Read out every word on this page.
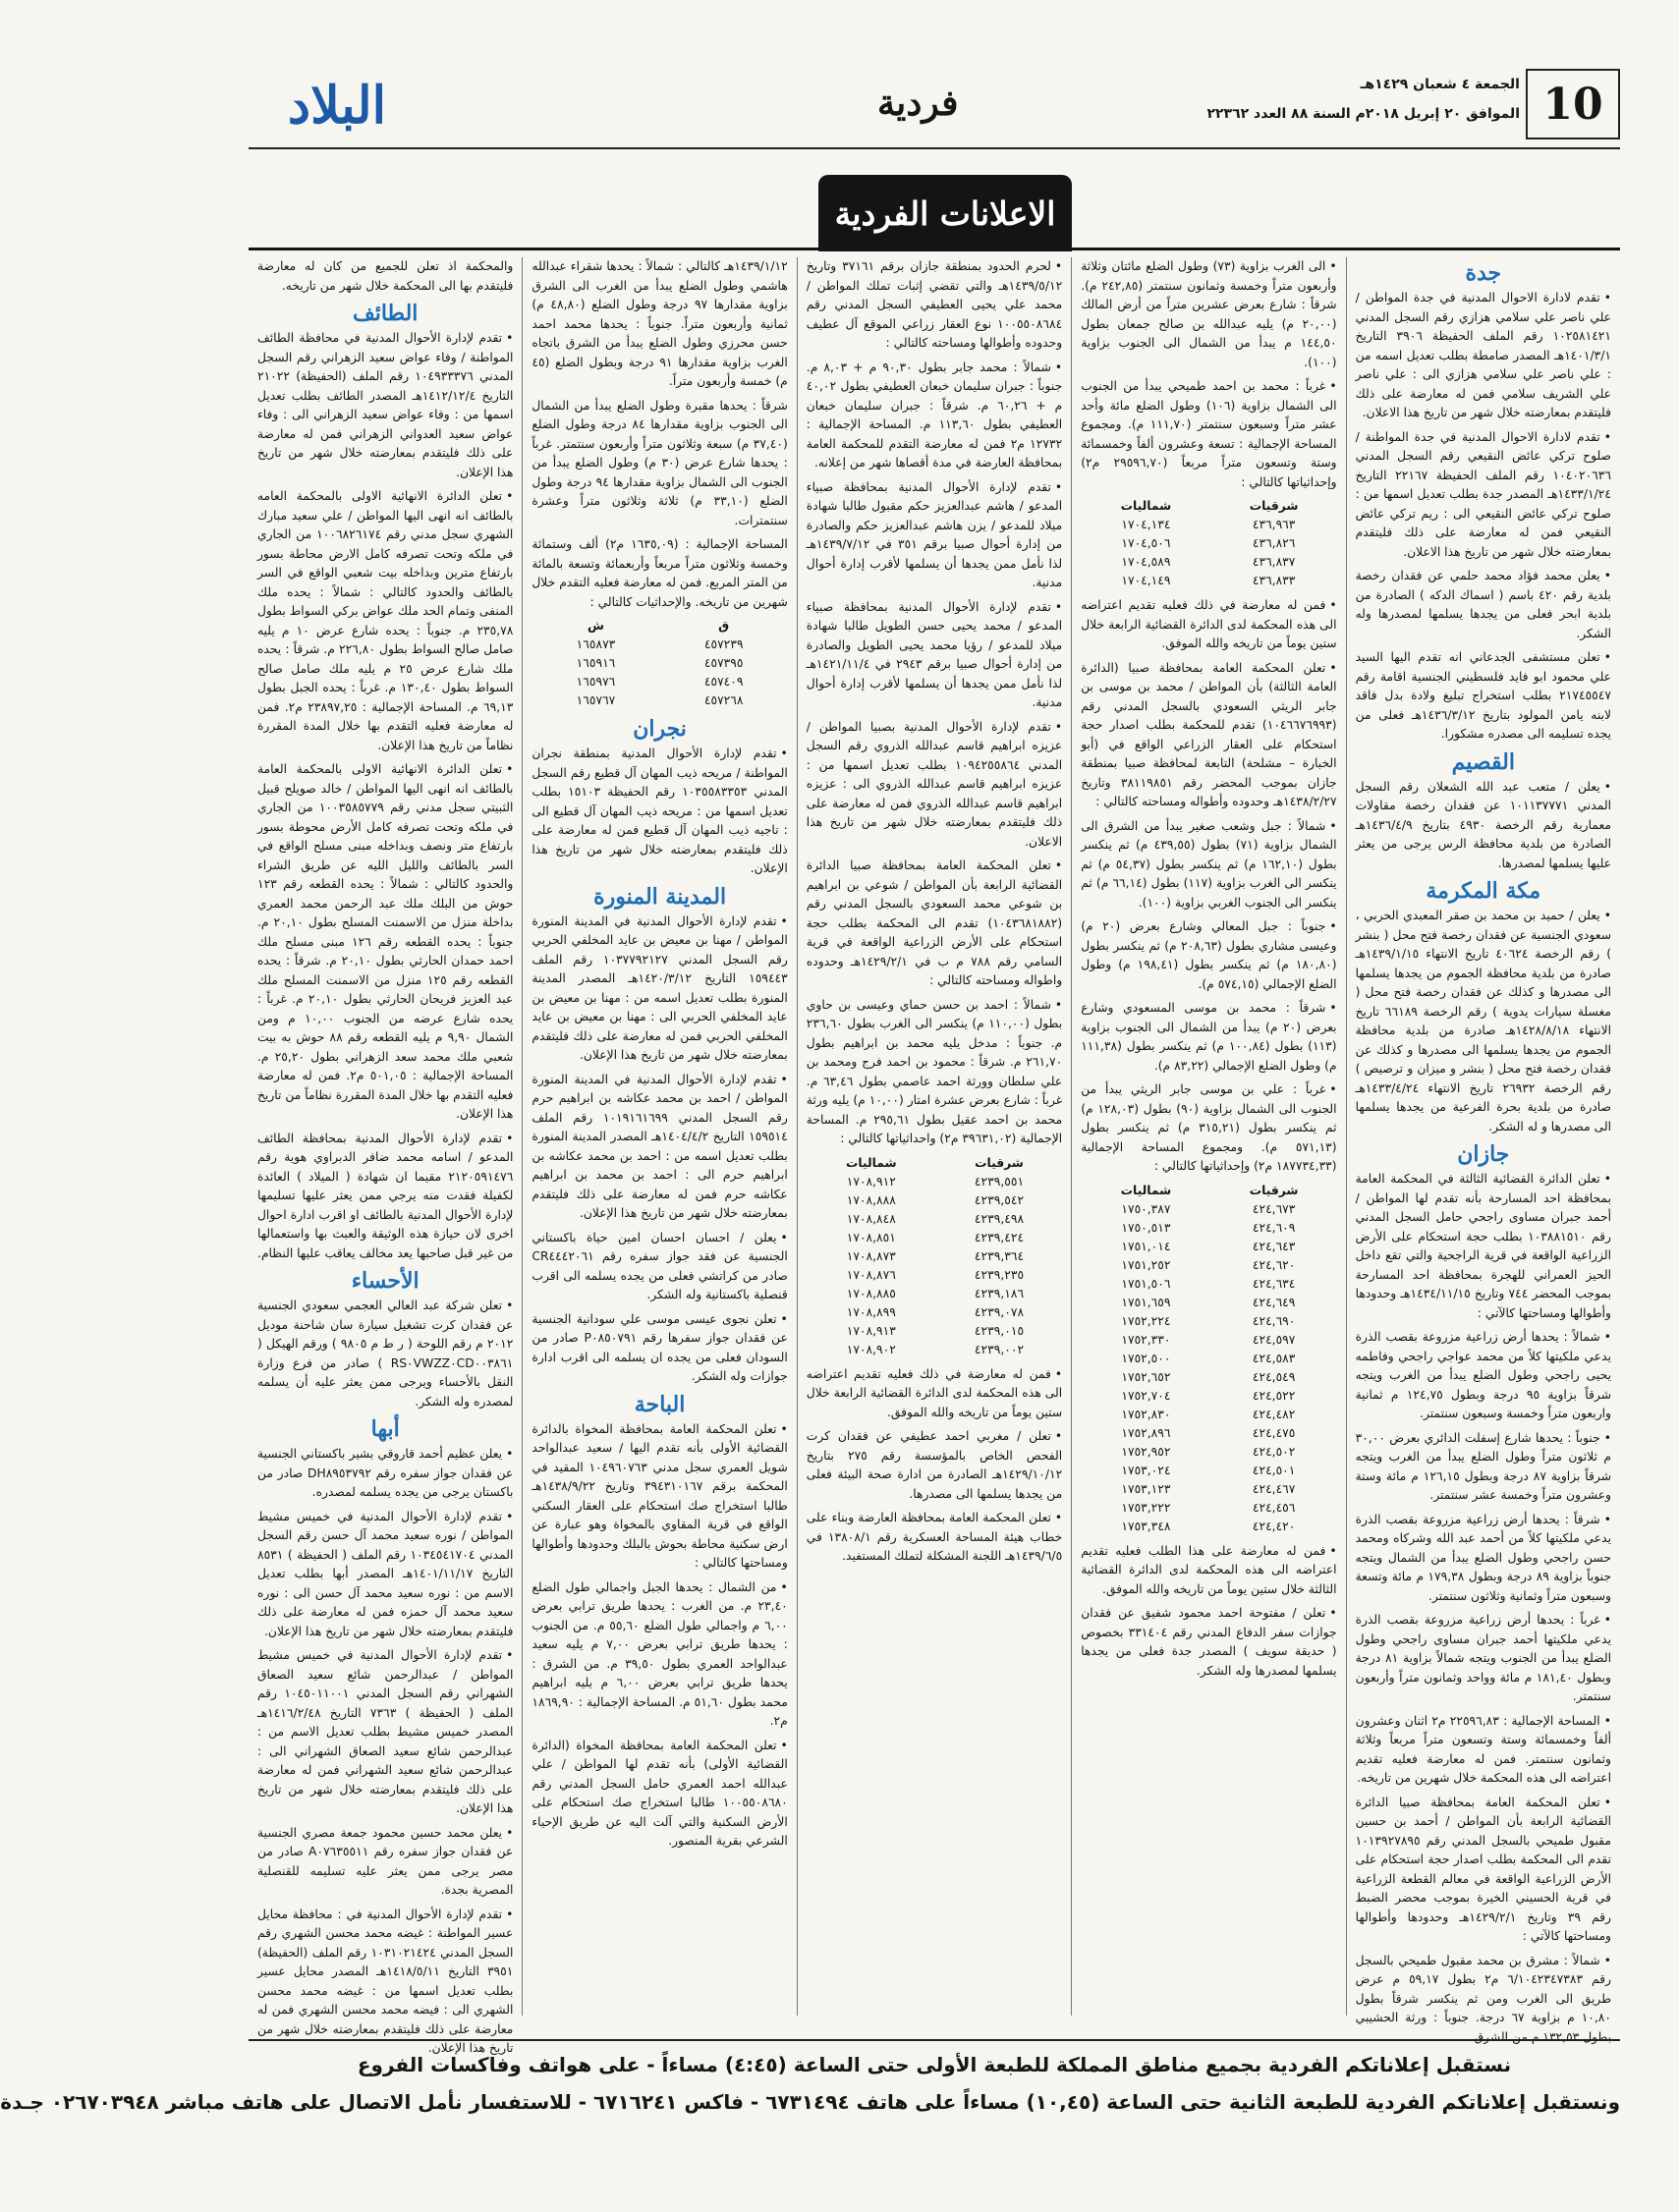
10
الجمعة ٤ شعبان ١٤٢٩هـ
الموافق ٢٠ إبريل ٢٠١٨م السنة ٨٨ العدد ٢٢٣٦٢
فردية
البلاد
الاعلانات الفردية
جدة

• تقدم لادارة الاحوال المدنية في جدة المواطن / علي ناصر علي سلامي هزازي رقم السجل المدني ١٠٢٥٨١٤٢١ رقم الملف الحفيظة ٣٩٠٦ التاريخ ١٤٠١/٣/١هـ المصدر صامطة بطلب تعديل اسمه من : علي ناصر علي سلامي هزازي الى : علي ناصر علي الشريف سلامي فمن له معارضة على ذلك فليتقدم بمعارضته خلال شهر من تاريخ هذا الاعلان.

• تقدم لادارة الاحوال المدنية في جدة المواطنة / صلوح تركي عائض النقيعي رقم السجل المدني ١٠٤٠٢٠٦٣٦ رقم الملف الحفيظة ٢٢١٦٧ التاريخ ١٤٣٣/١/٢٤هـ المصدر جدة بطلب تعديل اسمها من : صلوح تركي عائض النقيعي الى : ريم تركي عائض النقيعي فمن له معارضة على ذلك فليتقدم بمعارضته خلال شهر من تاريخ هذا الاعلان.

• يعلن محمد فؤاد محمد حلمي عن فقدان رخصة بلدية رقم ٤٢٠ باسم ( اسماك الدكه ) الصادرة من بلدية ابحر فعلى من يجدها يسلمها لمصدرها وله الشكر.

• تعلن مستشفى الجدعاني انه تقدم اليها السيد علي محمود ابو فايد فلسطيني الجنسية اقامة رقم ٢١٧٤٥٥٤٧ بطلب استخراج تبليغ ولادة بدل فاقد لابنه يامن المولود بتاريخ ١٤٣٦/٣/١٢هـ فعلى من يجده تسليمه الى مصدره مشكورا.

القصيم

• يعلن / متعب عبد الله الشعلان رقم السجل المدني ١٠١١٣٧٧٧١ عن فقدان رخصة مقاولات معمارية رقم الرخصة ٤٩٣٠ بتاريخ ١٤٣٦/٤/٩هـ الصادرة من بلدية محافظة الرس يرجى من يعثر عليها يسلمها لمصدرها.

مكة المكرمة

• يعلن / حميد بن محمد بن صقر المعبدي الحربي ، سعودي الجنسية عن فقدان رخصة فتح محل ( بنشر ) رقم الرخصة ٤٠٦٢٤ تاريخ الانتهاء ١٤٣٩/١/١٥هـ صادرة من بلدية محافظة الجموم من يجدها يسلمها الى مصدرها و كذلك عن فقدان رخصة فتح محل ( مغسلة سيارات يدوية ) رقم الرخصة ٦٦١٨٩ تاريخ الانتهاء ١٤٢٨/٨/١٨هـ صادرة من بلدية محافظة الجموم من يجدها يسلمها الى مصدرها و كذلك عن فقدان رخصة فتح محل ( بنشر و ميزان و ترصيص ) رقم الرخصة ٢٦٩٣٢ تاريخ الانتهاء ١٤٣٣/٤/٢٤هـ صادرة من بلدية بحرة الفرعية من يجدها يسلمها الى مصدرها و له الشكر.

جازان

• تعلن الدائرة القضائية الثالثة في المحكمة العامة بمحافظة احد المسارحة بأنه تقدم لها المواطن / أحمد جبران مساوى راجحي حامل السجل المدني رقم ١٠٣٨٨١٥١٠ بطلب حجة استحكام على الأرض الزراعية الواقعة في قرية الراجحية والتي تقع داخل الحيز العمراني للهجرة بمحافظة احد المسارحة بموجب المحضر ٧٤٤ وتاريخ ١٤٣٤/١١/١٥هـ وحدودها وأطوالها ومساحتها كالآتي :

• شمالاً : يحدها أرض زراعية مزروعة بقصب الذرة يدعي ملكيتها كلاً من محمد عواجي راجحي وفاطمه يحيى راجحي وطول الضلع يبدأ من الغرب ويتجه شرقاً بزاوية ٩٥ درجة وبطول ١٢٤,٧٥ م ثمانية واربعون متراً وخمسة وسبعون سنتمتر.

• جنوباً : يحدها شارع إسفلت الدائري بعرض ٣٠,٠٠ م ثلاثون متراً وطول الضلع يبدأ من الغرب ويتجه شرقاً بزاوية ٨٧ درجة وبطول ١٢٦,١٥ م مائة وستة وعشرون متراً وخمسة عشر سنتمتر.

• شرقاً : يحدها أرض زراعية مزروعة بقصب الذرة يدعي ملكيتها كلاً من أحمد عبد الله وشركاه ومحمد حسن راجحي وطول الضلع يبدأ من الشمال ويتجه جنوباً بزاوية ٨٩ درجة وبطول ١٧٩,٣٨ م مائة وتسعة وسبعون متراً وثمانية وثلاثون سنتمتر.

• غرباً : يحدها أرض زراعية مزروعة بقصب الذرة يدعي ملكيتها أحمد جبران مساوى راجحي وطول الضلع يبدأ من الجنوب ويتجه شمالاً بزاوية ٨١ درجة وبطول ١٨١,٤٠ م مائة وواحد وثمانون متراً وأربعون سنتمتر.

• المساحة الإجمالية : ٢٢٥٩٦,٨٣ م٢ اثنان وعشرون ألفاً وخمسمائة وستة وتسعون متراً مربعاً وثلاثة وثمانون سنتمتر. فمن له معارضة فعليه تقديم اعتراضه الى هذه المحكمة خلال شهرين من تاريخه.

• تعلن المحكمة العامة بمحافظة صبيا الدائرة القضائية الرابعة بأن المواطن / أحمد بن حسين مقبول طميحي بالسجل المدني رقم ١٠١٣٩٢٧٨٩٥ تقدم الى المحكمة بطلب اصدار حجة استحكام على الأرض الزراعية الواقعة في معالم القطعة الزراعية في قرية الحسيني الخيرة بموجب محضر الضبط رقم ٣٩ وتاريخ ١٤٢٩/٢/١هـ وحدودها وأطوالها ومساحتها كالآتي :

• شمالاً : مشرق بن محمد مقبول طميحي بالسجل رقم ٦/١٠٤٢٣٤٧٣٨٣ م٢ بطول ٥٩,١٧ م عرض طريق الى الغرب ومن ثم ينكسر شرقاً بطول ١٠,٨٠ م بزاوية ٦٧ درجة. جنوباً : ورثة الحشيبي بطول ١٣٢,٥٣ م من الشرق.

• الى الغرب بزاوية (٧٣) وطول الضلع مائتان وثلاثة وأربعون متراً وخمسة وثمانون سنتمتر (٢٤٢,٨٥ م). شرقاً : شارع بعرض عشرين متراً من أرض المالك (٢٠,٠٠ م) يليه عبدالله بن صالح جمعان بطول ١٤٤,٥٠ م يبدأ من الشمال الى الجنوب بزاوية (١٠٠).

• غرباً : محمد بن احمد طميحي يبدأ من الجنوب الى الشمال بزاوية (١٠٦) وطول الضلع مائة وأحد عشر متراً وسبعون سنتمتر (١١١,٧٠ م). ومجموع المساحة الإجمالية : تسعة وعشرون ألفاً وخمسمائة وستة وتسعون متراً مربعاً (٢٩٥٩٦,٧٠ م٢) وإحداثياتها كالتالي :

شرقيات	شماليات
٤٣٦,٩٦٣	١٧٠٤,١٣٤
٤٣٦,٨٢٦	١٧٠٤,٥٠٦
٤٣٦,٨٣٧	١٧٠٤,٥٨٩
٤٣٦,٨٣٣	١٧٠٤,١٤٩

• فمن له معارضة في ذلك فعليه تقديم اعتراضه الى هذه المحكمة لدى الدائرة القضائية الرابعة خلال ستين يوماً من تاريخه والله الموفق.

• تعلن المحكمة العامة بمحافظة صبيا (الدائرة العامة الثالثة) بأن المواطن / محمد بن موسى بن جابر الريثي السعودي بالسجل المدني رقم (١٠٤٦٦٧٦٩٩٣) تقدم للمحكمة بطلب اصدار حجة استحكام على العقار الزراعي الواقع في (أبو الخبارة – مشلحة) التابعة لمحافظة صبيا بمنطقة جازان بموجب المحضر رقم ٣٨١١٩٨٥١ وتاريخ ١٤٣٨/٢/٢٧هـ وحدوده وأطواله ومساحته كالتالي :

• شمالاً : جبل وشعب صغير يبدأ من الشرق الى الشمال بزاوية (٧١) بطول (٤٣٩,٥٥ م) ثم ينكسر بطول (١٦٢,١٠ م) ثم ينكسر بطول (٥٤,٣٧ م) ثم ينكسر الى الغرب بزاوية (١١٧) بطول (٦٦,١٤ م) ثم ينكسر الى الجنوب الغربي بزاوية (١٠٠).

• جنوباً : جبل المعالي وشارع بعرض (٢٠ م) وعيسى مشاري بطول (٢٠٨,٦٣ م) ثم ينكسر بطول (١٨٠,٨٠ م) ثم ينكسر بطول (١٩٨,٤١ م) وطول الضلع الإجمالي (٥٧٤,١٥ م).

• شرقاً : محمد بن موسى المسعودي وشارع بعرض (٢٠ م) يبدأ من الشمال الى الجنوب بزاوية (١١٣) بطول (١٠٠,٨٤ م) ثم ينكسر بطول (١١١,٣٨ م) وطول الضلع الإجمالي (٨٣,٢٢ م).

• غرباً : علي بن موسى جابر الريثي يبدأ من الجنوب الى الشمال بزاوية (٩٠) بطول (١٢٨,٠٣ م) ثم ينكسر بطول (٣١٥,٢١ م) ثم ينكسر بطول (٥٧١,١٣ م). ومجموع المساحة الإجمالية (١٨٧٧٣٤,٣٣ م٢) وإحداثياتها كالتالي :

شرقيات	شماليات
٤٢٤,٦٧٣	١٧٥٠,٣٨٧
٤٢٤,٦٠٩	١٧٥٠,٥١٣
٤٢٤,٦٤٣	١٧٥١,٠١٤
٤٢٤,٦٢٠	١٧٥١,٢٥٢
٤٢٤,٦٣٤	١٧٥١,٥٠٦
٤٢٤,٦٤٩	١٧٥١,٦٥٩
٤٢٤,٦٩٠	١٧٥٢,٢٢٤
٤٢٤,٥٩٧	١٧٥٢,٣٣٠
٤٢٤,٥٨٣	١٧٥٢,٥٠٠
٤٢٤,٥٤٩	١٧٥٢,٦٥٢
٤٢٤,٥٢٢	١٧٥٢,٧٠٤
٤٢٤,٤٨٢	١٧٥٢,٨٣٠
٤٢٤,٤٧٥	١٧٥٢,٨٩٦
٤٢٤,٥٠٢	١٧٥٢,٩٥٢
٤٢٤,٥٠١	١٧٥٣,٠٢٤
٤٢٤,٤٦٧	١٧٥٣,١٢٣
٤٢٤,٤٥٦	١٧٥٣,٢٢٢
٤٢٤,٤٢٠	١٧٥٣,٣٤٨

• فمن له معارضة على هذا الطلب فعليه تقديم اعتراضه الى هذه المحكمة لدى الدائرة القضائية الثالثة خلال ستين يوماً من تاريخه والله الموفق.

• تعلن / مفتوحة احمد محمود شفيق عن فقدان جوازات سفر الدفاع المدني رقم ٣٣١٤٠٤ بخصوص ( حديقة سويف ) المصدر جدة فعلى من يجدها يسلمها لمصدرها وله الشكر.

• لحرم الحدود بمنطقة جازان برقم ٣٧١٦١ وتاريخ ١٤٣٩/٥/١٢هـ والتي تقضي إثبات تملك المواطن / محمد علي يحيى العطيفي السجل المدني رقم ١٠٠٥٥٠٨٦٨٤ نوع العقار زراعي الموقع آل عطيف وحدوده وأطوالها ومساحته كالتالي :

• شمالاً : محمد جابر بطول ٩٠,٣٠ م + ٨,٠٣ م. جنوباً : جبران سليمان خبعان العطيفي بطول ٤٠,٠٢ م + ٦٠,٢٦ م. شرقاً : جبران سليمان خبعان العطيفي بطول ١١٣,٦٠ م. المساحة الإجمالية : ١٢٧٣٢ م٢ فمن له معارضة التقدم للمحكمة العامة بمحافظة العارضة في مدة أقصاها شهر من إعلانه.

• تقدم لإدارة الأحوال المدنية بمحافظة صبياء المدعو / هاشم عبدالعزيز حكم مقبول طالبا شهادة ميلاد للمدعو / يزن هاشم عبدالعزيز حكم والصادرة من إدارة أحوال صبيا برقم ٣٥١ في ١٤٣٩/٧/١٢هـ لذا نأمل ممن يجدها أن يسلمها لأقرب إدارة أحوال مدنية.

• تقدم لإدارة الأحوال المدنية بمحافظة صبياء المدعو / محمد يحيى حسن الطويل طالبا شهادة ميلاد للمدعو / رؤيا محمد يحيى الطويل والصادرة من إدارة أحوال صبيا برقم ٢٩٤٣ في ١٤٢١/١١/٤هـ لذا نأمل ممن يجدها أن يسلمها لأقرب إدارة أحوال مدنية.

• تقدم لإدارة الأحوال المدنية بصبيا المواطن / عزيزه ابراهيم قاسم عبدالله الذروي رقم السجل المدني ١٠٩٤٢٥٥٨٦٤ بطلب تعديل اسمها من : عزيزه ابراهيم قاسم عبدالله الذروي الى : عزيزه ابراهيم قاسم عبدالله الذروي فمن له معارضة على ذلك فليتقدم بمعارضته خلال شهر من تاريخ هذا الاعلان.

• تعلن المحكمة العامة بمحافظة صبيا الدائرة القضائية الرابعة بأن المواطن / شوعي بن ابراهيم بن شوعي محمد السعودي بالسجل المدني رقم (١٠٤٣٦٨١٨٨٢) تقدم الى المحكمة بطلب حجة استحكام على الأرض الزراعية الواقعة في قرية السامي رقم ٧٨٨ م ب في ١٤٢٩/٢/١هـ وحدوده واطواله ومساحته كالتالي :

• شمالاً : احمد بن حسن حماي وعيسى بن حاوي بطول (١١٠,٠٠ م) ينكسر الى الغرب بطول ٢٣٦,٦٠ م. جنوباً : مدخل يليه محمد بن ابراهيم بطول ٢٦١,٧٠ م. شرقاً : محمود بن احمد فرج ومحمد بن علي سلطان وورثة احمد عاصمي بطول ٦٣,٤٦ م. غرباً : شارع بعرض عشرة امتار (١٠,٠٠ م) يليه ورثة محمد بن احمد عقيل بطول ٢٩٥,٦١ م. المساحة الإجمالية (٣٩٦٣١,٠٢ م٢) واحداثياتها كالتالي :

شرقيات	شماليات
٤٢٣٩,٥٥١	١٧٠٨,٩١٢
٤٢٣٩,٥٤٢	١٧٠٨,٨٨٨
٤٢٣٩,٤٩٨	١٧٠٨,٨٤٨
٤٢٣٩,٤٢٤	١٧٠٨,٨٥١
٤٢٣٩,٣٦٤	١٧٠٨,٨٧٣
٤٢٣٩,٢٣٥	١٧٠٨,٨٧٦
٤٢٣٩,١٨٦	١٧٠٨,٨٨٥
٤٢٣٩,٠٧٨	١٧٠٨,٨٩٩
٤٢٣٩,٠١٥	١٧٠٨,٩١٣
٤٢٣٩,٠٠٢	١٧٠٨,٩٠٢

• فمن له معارضة في ذلك فعليه تقديم اعتراضه الى هذه المحكمة لدى الدائرة القضائية الرابعة خلال ستين يوماً من تاريخه والله الموفق.

• تعلن / مغربي احمد عطيفي عن فقدان كرت الفحص الخاص بالمؤسسة رقم ٢٧٥ بتاريخ ١٤٢٩/١٠/١٢هـ الصادرة من ادارة صحة البيئة فعلى من يجدها يسلمها الى مصدرها.

• تعلن المحكمة العامة بمحافظة العارضة وبناء على خطاب هيئة المساحة العسكرية رقم ١٣٨٠٨/١ في ١٤٣٩/٦/٥هـ اللجنة المشكلة لتملك المستفيد.

١٤٣٩/١/١٢هـ كالتالي : شمالاً : يحدها شقراء عبدالله هاشمي وطول الضلع يبدأ من الغرب الى الشرق بزاوية مقدارها ٩٧ درجة وطول الضلع (٤٨,٨٠ م) ثمانية وأربعون متراً. جنوباً : يحدها محمد احمد حسن محرزي وطول الضلع يبدأ من الشرق باتجاه الغرب بزاوية مقدارها ٩١ درجة وبطول الضلع (٤٥ م) خمسة وأربعون متراً.

شرقاً : يحدها مقبرة وطول الضلع يبدأ من الشمال الى الجنوب بزاوية مقدارها ٨٤ درجة وطول الضلع (٣٧,٤٠ م) سبعة وثلاثون متراً وأربعون سنتمتر. غرباً : يحدها شارع عرض (٣٠ م) وطول الضلع يبدأ من الجنوب الى الشمال بزاوية مقدارها ٩٤ درجة وطول الضلع (٣٣,١٠ م) ثلاثة وثلاثون متراً وعشرة سنتمترات.

المساحة الإجمالية : (١٦٣٥,٠٩ م٢) ألف وستمائة وخمسة وثلاثون متراً مربعاً وأربعمائة وتسعة بالمائة من المتر المربع. فمن له معارضة فعليه التقدم خلال شهرين من تاريخه. والإحداثيات كالتالي :

ق	ش
٤٥٧٢٣٩	١٦٥٨٧٣
٤٥٧٣٩٥	١٦٥٩١٦
٤٥٧٤٠٩	١٦٥٩٧٦
٤٥٧٢٦٨	١٦٥٧٦٧
نجران

• تقدم لإدارة الأحوال المدنية بمنطقة نجران المواطنة / مريحه ذيب المهان آل قطيع رقم السجل المدني ١٠٣٥٥٨٣٣٥٣ رقم الحفيظة ١٥١٠٣ بطلب تعديل اسمها من : مريحه ذيب المهان آل قطيع الى : تاجيه ذيب المهان آل قطيع فمن له معارضة على ذلك فليتقدم بمعارضته خلال شهر من تاريخ هذا الإعلان.

المدينة المنورة

• تقدم لإدارة الأحوال المدنية في المدينة المنورة المواطن / مهنا بن معيض بن عايد المخلفي الحربي رقم السجل المدني ١٠٣٧٧٩٢١٢٧ رقم الملف ١٥٩٤٤٣ التاريخ ١٤٢٠/٣/١٢هـ المصدر المدينة المنورة بطلب تعديل اسمه من : مهنا بن معيض بن عايد المخلفي الحربي الى : مهنا بن معيض بن عايد المخلفي الحربي فمن له معارضة على ذلك فليتقدم بمعارضته خلال شهر من تاريخ هذا الإعلان.

• تقدم لإدارة الأحوال المدنية في المدينة المنورة المواطن / احمد بن محمد عكاشه بن ابراهيم حرم رقم السجل المدني ١٠١٩١٦١٦٩٩ رقم الملف ١٥٩٥١٤ التاريخ ١٤٠٤/٤/٢هـ المصدر المدينة المنورة بطلب تعديل اسمه من : احمد بن محمد عكاشه بن ابراهيم حرم الى : احمد بن محمد بن ابراهيم عكاشه حرم فمن له معارضة على ذلك فليتقدم بمعارضته خلال شهر من تاريخ هذا الإعلان.

• يعلن / احسان احسان امين حياة باكستاني الجنسية عن فقد جواز سفره رقم CR٤٤٤٢٠٦١ صادر من كراتشي فعلى من يجده يسلمه الى اقرب قنصلية باكستانية وله الشكر.

• تعلن نجوى عيسى موسى علي سودانية الجنسية عن فقدان جواز سفرها رقم P٠٨٥٠٧٩١ صادر من السودان فعلى من يجده ان يسلمه الى اقرب ادارة جوازات وله الشكر.

الباحة

• تعلن المحكمة العامة بمحافظة المخواة بالدائرة القضائية الأولى بأنه تقدم اليها / سعيد عبدالواحد شويل العمري سجل مدني ١٠٤٩٦٠٧٦٣ المقيد في المحكمة برقم ٣٩٤٣١٠١٦٧ وتاريخ ١٤٣٨/٩/٢٢هـ طالبا استخراج صك استحكام على العقار السكني الواقع في قرية المقاوي بالمخواة وهو عبارة عن ارض سكنية محاطة بحوش بالبلك وحدودها وأطوالها ومساحتها كالتالي :

• من الشمال : يحدها الجبل واجمالي طول الضلع ٢٣,٤٠ م. من الغرب : يحدها طريق ترابي بعرض ٦,٠٠ م واجمالي طول الضلع ٥٥,٦٠ م. من الجنوب : يحدها طريق ترابي بعرض ٧,٠٠ م يليه سعيد عبدالواحد العمري بطول ٣٩,٥٠ م. من الشرق : يحدها طريق ترابي بعرض ٦,٠٠ م يليه ابراهيم محمد بطول ٥١,٦٠ م. المساحة الإجمالية : ١٨٦٩,٩٠ م٢.

• تعلن المحكمة العامة بمحافظة المخواة (الدائرة القضائية الأولى) بأنه تقدم لها المواطن / علي عبدالله احمد العمري حامل السجل المدني رقم ١٠٠٥٥٠٨٦٨٠ طالبا استخراج صك استحكام على الأرض السكنية والتي آلت اليه عن طريق الإحياء الشرعي بقرية المنصور.

والمحكمة اذ تعلن للجميع من كان له معارضة فليتقدم بها الى المحكمة خلال شهر من تاريخه.

الطائف

• تقدم لإدارة الأحوال المدنية في محافظة الطائف المواطنة / وفاء عواض سعيد الزهراني رقم السجل المدني ١٠٤٩٣٣٣٧٦ رقم الملف (الحفيظة) ٢١٠٢٢ التاريخ ١٤١٢/١٢/٤هـ المصدر الطائف بطلب تعديل اسمها من : وفاء عواض سعيد الزهراني الى : وفاء عواض سعيد العدواني الزهراني فمن له معارضة على ذلك فليتقدم بمعارضته خلال شهر من تاريخ هذا الإعلان.

• تعلن الدائرة الانهائية الاولى بالمحكمة العامه بالطائف انه انهى اليها المواطن / علي سعيد مبارك الشهري سجل مدني رقم ١٠٠٦٨٢٦١٧٤ من الجاري في ملكه وتحت تصرفه كامل الارض محاطة بسور بارتفاع مترين وبداخله بيت شعبي الواقع في السر بالطائف والحدود كالتالي : شمالاً : يحده ملك المنفى وتمام الحد ملك عواض بركي السواط بطول ٢٣٥,٧٨ م. جنوباً : يحده شارع عرض ١٠ م يليه صامل صالح السواط بطول ٢٢٦,٨٠ م. شرقاً : يحده ملك شارع عرض ٢٥ م يليه ملك صامل صالح السواط بطول ١٣٠,٤٠ م. غرباً : يحده الجبل بطول ٦٩,١٣ م. المساحة الإجمالية : ٢٣٨٩٧,٢٥ م٢. فمن له معارضة فعليه التقدم بها خلال المدة المقررة نظاماً من تاريخ هذا الإعلان.

• تعلن الدائرة الانهائية الاولى بالمحكمة العامة بالطائف انه انهى اليها المواطن / خالد صويلح قبيل الثبيتي سجل مدني رقم ١٠٠٣٥٨٥٧٧٩ من الجاري في ملكه وتحت تصرفه كامل الأرض محوطة بسور بارتفاع متر ونصف وبداخله مبنى مسلح الواقع في السر بالطائف والليل الليه عن طريق الشراء والحدود كالتالي : شمالاً : يحده القطعه رقم ١٢٣ حوش من البلك ملك عبد الرحمن محمد العمري بداخلة منزل من الاسمنت المسلح بطول ٢٠,١٠ م. جنوباً : يحده القطعه رقم ١٢٦ مبنى مسلح ملك احمد حمدان الحارثي بطول ٢٠,١٠ م. شرقاً : يحده القطعه رقم ١٢٥ منزل من الاسمنت المسلح ملك عبد العزيز فريحان الحارثي بطول ٢٠,١٠ م. غرباً : يحده شارع عرضه من الجنوب ١٠,٠٠ م ومن الشمال ٩,٩٠ م يليه القطعه رقم ٨٨ حوش به بيت شعبي ملك محمد سعد الزهراني بطول ٢٥,٢٠ م. المساحة الإجمالية : ٥٠١,٠٥ م٢. فمن له معارضة فعليه التقدم بها خلال المدة المقررة نظاماً من تاريخ هذا الإعلان.

• تقدم لإدارة الأحوال المدنية بمحافظة الطائف المدعو / اسامه محمد ضافر الدبراوي هوية رقم ٢١٢٠٥٩١٤٧٦ مقيما ان شهادة ( الميلاد ) العائدة لكفيلة فقدت منه يرجي ممن يعثر عليها تسليمها لإدارة الأحوال المدنية بالطائف او اقرب ادارة احوال اخرى لان حيازة هذه الوثيقة والعبث بها واستعمالها من غير قبل صاحبها يعد مخالف يعاقب عليها النظام.

الأحساء

• تعلن شركة عبد العالي العجمي سعودي الجنسية عن فقدان كرت تشغيل سيارة سان شاحنة موديل ٢٠١٢ م رقم اللوحة ( ر ط م ٩٨٠٥ ) ورقم الهيكل ( RS٠VWZZ٠CD٠٠٣٨٦١ ) صادر من فرع وزارة النقل بالأحساء ويرجى ممن يعثر عليه أن يسلمه لمصدره وله الشكر.

أبها

• يعلن عظيم أحمد قاروقي بشير باكستاني الجنسية عن فقدان جواز سفره رقم DH٨٩٥٣٧٩٢ صادر من باكستان يرجى من يجده يسلمه لمصدره.

• تقدم لإدارة الأحوال المدنية في خميس مشيط المواطن / نوره سعيد محمد آل حسن رقم السجل المدني ١٠٣٤٥٤١٧٠٤ رقم الملف ( الحفيظة ) ٨٥٣١ التاريخ ١٤٠١/١١/١٧هـ المصدر أبها بطلب تعديل الاسم من : نوره سعيد محمد آل حسن الى : نوره سعيد محمد آل حمزه فمن له معارضة على ذلك فليتقدم بمعارضته خلال شهر من تاريخ هذا الإعلان.

• تقدم لإدارة الأحوال المدنية في خميس مشيط المواطن / عبدالرحمن شائع سعيد الصعاق الشهراني رقم السجل المدني ١٠٤٥٠١١٠٠١ رقم الملف ( الحفيظة ) ٧٣٦٣ التاريخ ١٤١٦/٢/٤٨هـ المصدر خميس مشيط بطلب تعديل الاسم من : عبدالرحمن شائع سعيد الصعاق الشهراني الى : عبدالرحمن شائع سعيد الشهراني فمن له معارضة على ذلك فليتقدم بمعارضته خلال شهر من تاريخ هذا الإعلان.

• يعلن محمد حسين محمود جمعة مصري الجنسية عن فقدان جواز سفره رقم A٠٧٦٣٥٥١١ صادر من مصر يرجى ممن يعثر عليه تسليمه للقنصلية المصرية بجدة.

• تقدم لإدارة الأحوال المدنية في : محافظة محايل عسير المواطنة : غيضه محمد محسن الشهري رقم السجل المدني ١٠٣١٠٢١٤٢٤ رقم الملف (الحفيظة) ٣٩٥١ التاريخ ١٤١٨/٥/١١هـ المصدر محايل عسير بطلب تعديل اسمها من : غيضه محمد محسن الشهري الى : فيضه محمد محسن الشهري فمن له معارضة على ذلك فليتقدم بمعارضته خلال شهر من تاريخ هذا الإعلان.

نستقبل إعلاناتكم الفردية بجميع مناطق المملكة للطبعة الأولى حتى الساعة (٤:٤٥) مساءاً - على هواتف وفاكسات الفروع
ونستقبل إعلاناتكم الفردية للطبعة الثانية حتى الساعة (١٠,٤٥) مساءاً على هاتف ٦٧٣١٤٩٤ - فاكس ٦٧١٦٢٤١ - للاستفسار نأمل الاتصال على هاتف مباشر ٠٢٦٧٠٣٩٤٨ جـدة
